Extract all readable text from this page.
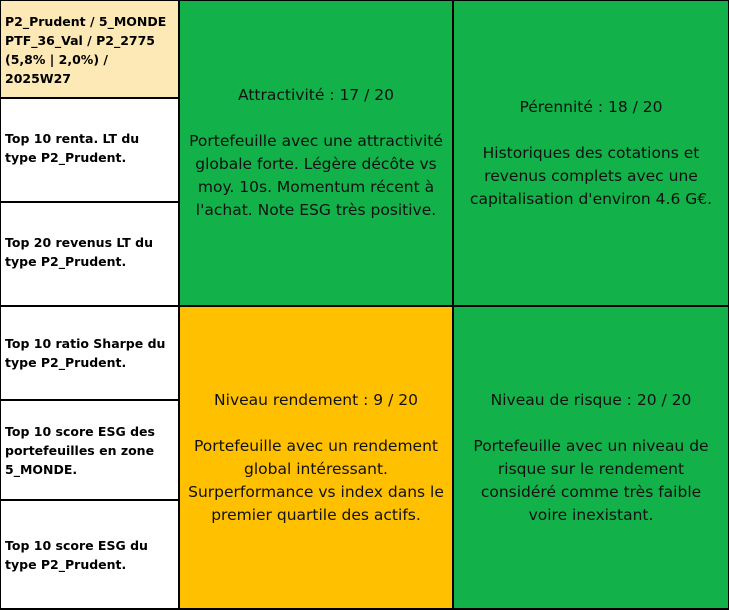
P2_Prudent / 5_MONDE
PTF_36_Val / P2_2775
(5,8% | 2,0%) / 2025W27
Top 10 renta. LT du type P2_Prudent.
Top 20 revenus LT du type P2_Prudent.
Top 10 ratio Sharpe du type P2_Prudent.
Top 10 score ESG des portefeuilles en zone 5_MONDE.
Top 10 score ESG du type P2_Prudent.
Attractivité : 17 / 20
Portefeuille avec une attractivité globale forte. Légère décôte vs moy. 10s. Momentum récent à l'achat. Note ESG très positive.
Pérennité : 18 / 20
Historiques des cotations et revenus complets avec une capitalisation d'environ 4.6 G€.
Niveau rendement : 9 / 20
Portefeuille avec un rendement global intéressant. Surperformance vs index dans le premier quartile des actifs.
Niveau de risque : 20 / 20
Portefeuille avec un niveau de risque sur le rendement considéré comme très faible voire inexistant.
